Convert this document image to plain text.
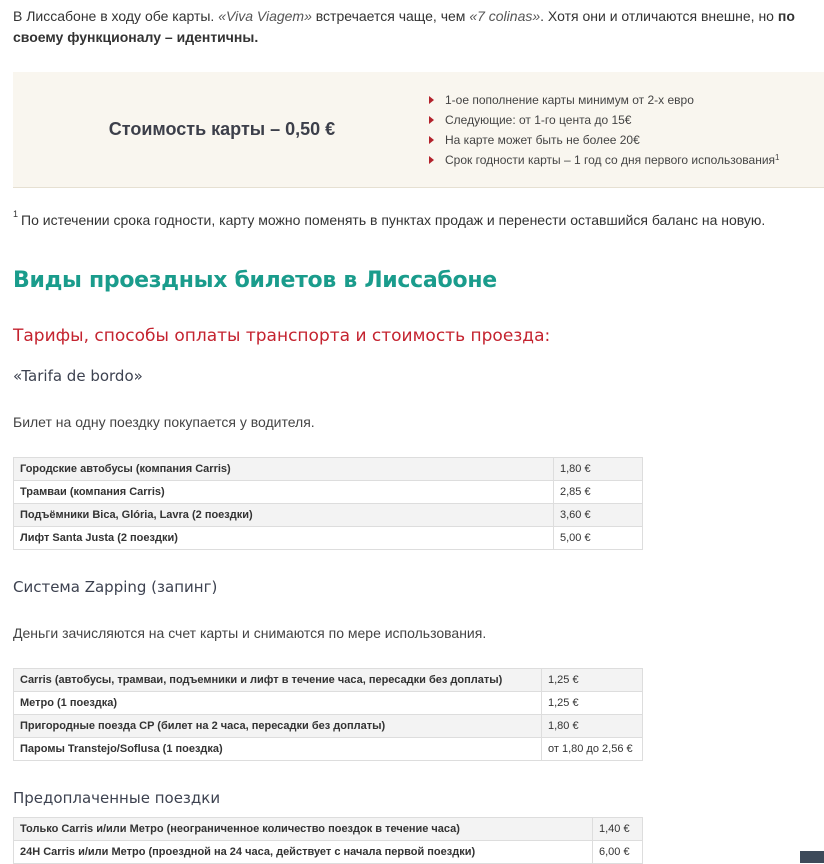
В Лиссабоне в ходу обе карты. «Viva Viagem» встречается чаще, чем «7 colinas». Хотя они и отличаются внешне, но по своему функционалу – идентичны.
Стоимость карты – 0,50 €
1-ое пополнение карты минимум от 2-х евро
Следующие: от 1-го цента до 15€
На карте может быть не более 20€
Срок годности карты – 1 год со дня первого использования$^1$
$^1$ По истечении срока годности, карту можно поменять в пунктах продаж и перенести оставшийся баланс на новую.
Виды проездных билетов в Лиссабоне
Тарифы, способы оплаты транспорта и стоимость проезда:
«Tarifa de bordo»
Билет на одну поездку покупается у водителя.
Городские автобусы (компания Carris)	1,80 €
Трамваи (компания Carris)	2,85 €
Подъёмники Bica, Glória, Lavra (2 поездки)	3,60 €
Лифт Santa Justa (2 поездки)	5,00 €
Система Zapping (запинг)
Деньги зачисляются на счет карты и снимаются по мере использования.
Carris (автобусы, трамваи, подъемники и лифт в течение часа, пересадки без доплаты)	1,25 €
Метро (1 поездка)	1,25 €
Пригородные поезда CP (билет на 2 часа, пересадки без доплаты)	1,80 €
Паромы Transtejo/Soflusa (1 поездка)	от 1,80 до 2,56 €
Предоплаченные поездки
Только Carris и/или Метро (неограниченное количество поездок в течение часа)	1,40 €
24H Carris и/или Метро (проездной на 24 часа, действует с начала первой поездки)	6,00 €
